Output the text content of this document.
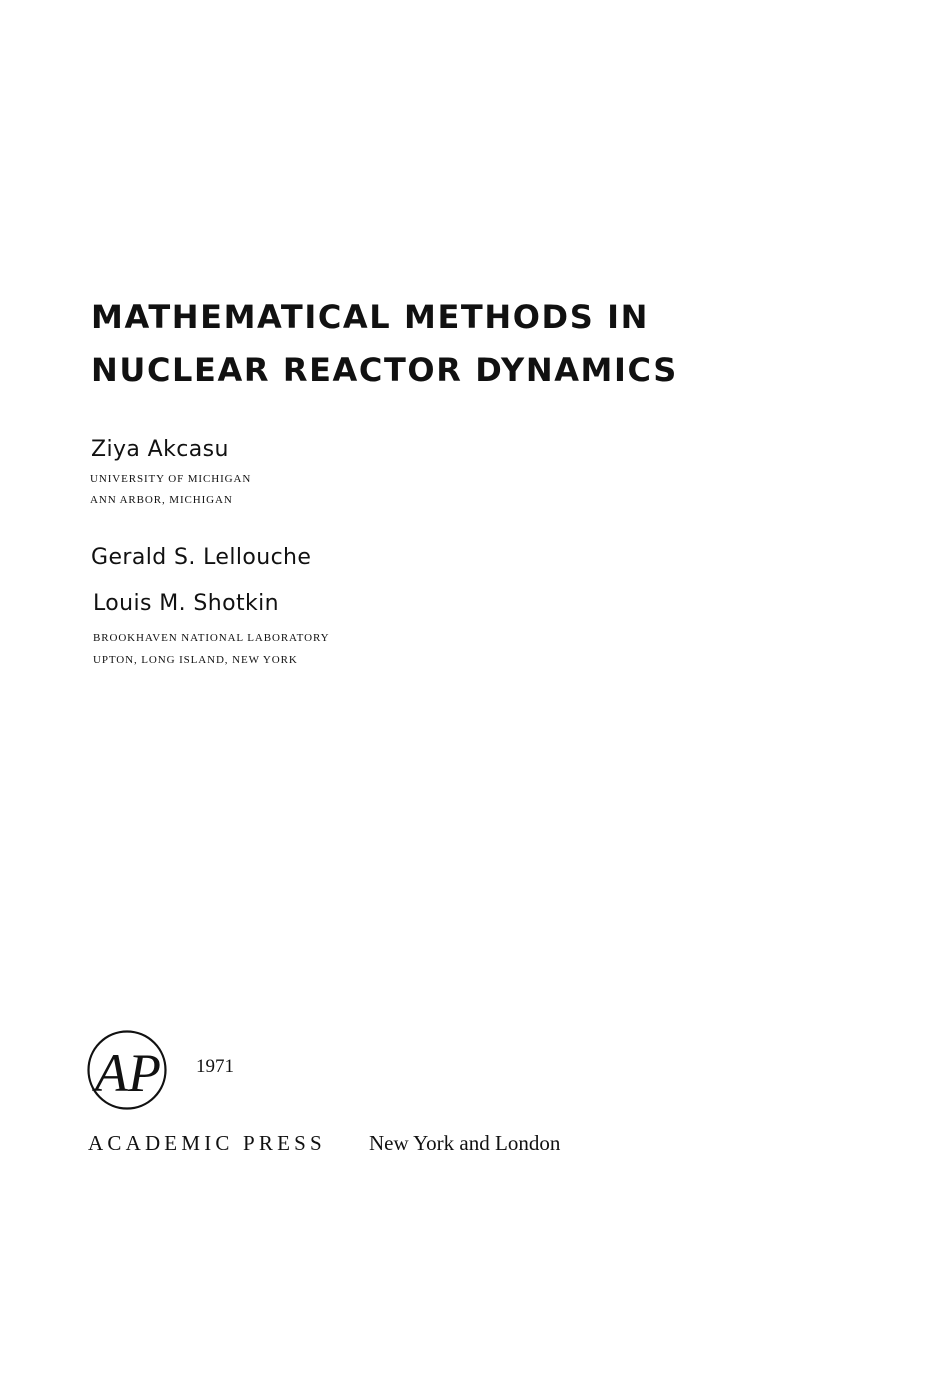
MATHEMATICAL METHODS IN
NUCLEAR REACTOR DYNAMICS
Ziya Akcasu
UNIVERSITY OF MICHIGAN
ANN ARBOR, MICHIGAN
Gerald S. Lellouche
Louis M. Shotkin
BROOKHAVEN NATIONAL LABORATORY
UPTON, LONG ISLAND, NEW YORK
AP 1971
ACADEMIC PRESS New York and London
